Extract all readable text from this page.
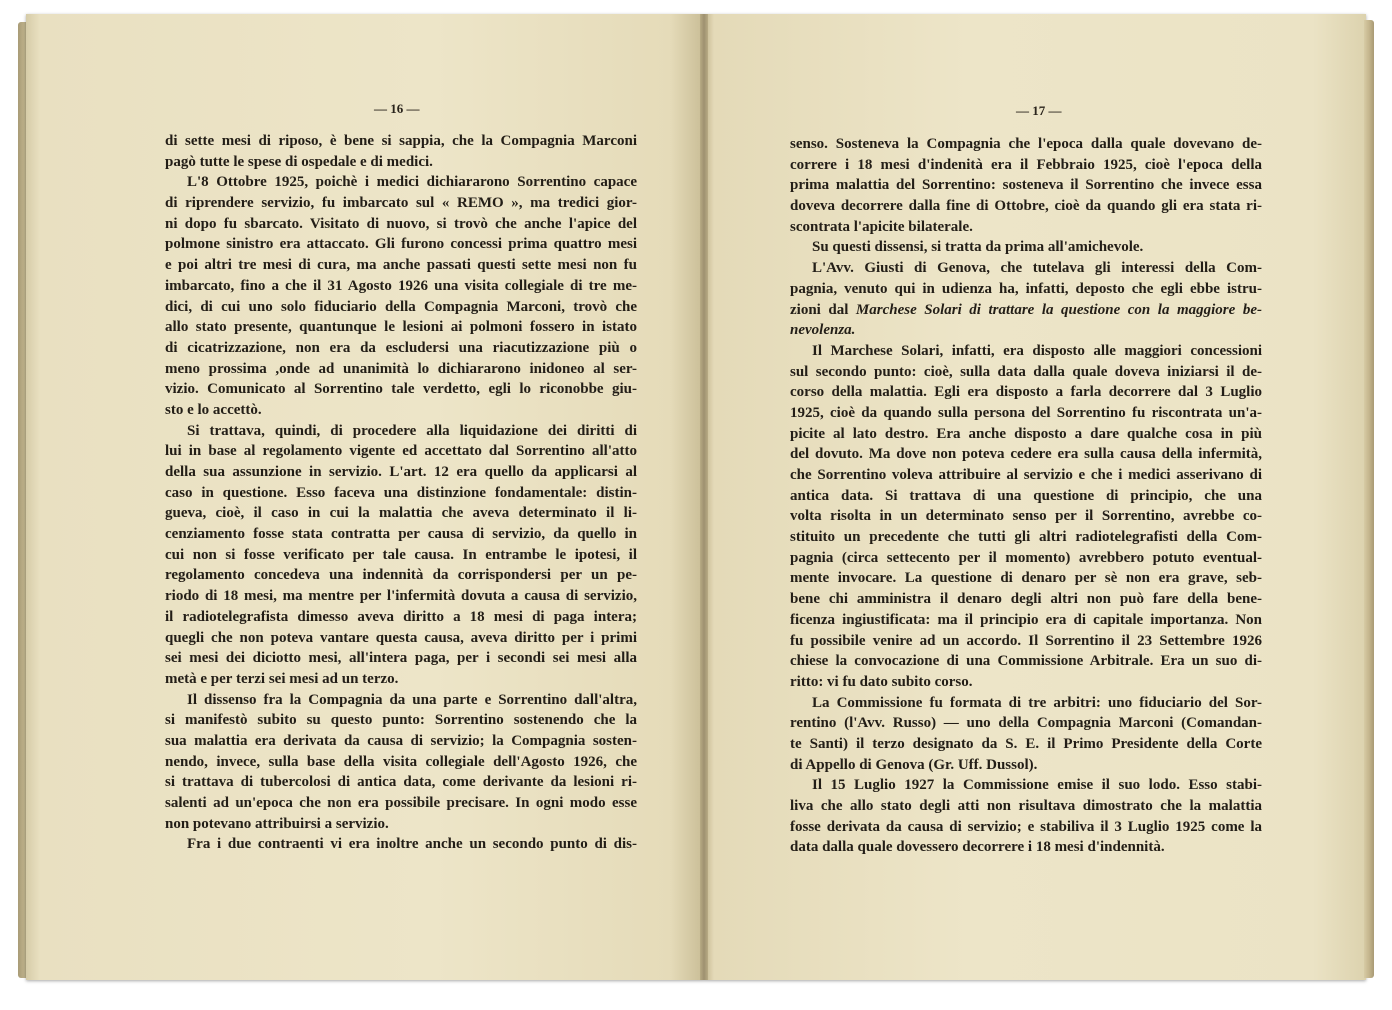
— 16 —	— 17 —
di sette mesi di riposo, è bene si sappia, che la Compagnia Marconi
pagò tutte le spese di ospedale e di medici.
L'8 Ottobre 1925, poichè i medici dichiararono Sorrentino capace
di riprendere servizio, fu imbarcato sul « REMO », ma tredici gior-
ni dopo fu sbarcato. Visitato di nuovo, si trovò che anche l'apice del
polmone sinistro era attaccato. Gli furono concessi prima quattro mesi
e poi altri tre mesi di cura, ma anche passati questi sette mesi non fu
imbarcato, fino a che il 31 Agosto 1926 una visita collegiale di tre me-
dici, di cui uno solo fiduciario della Compagnia Marconi, trovò che
allo stato presente, quantunque le lesioni ai polmoni fossero in istato
di cicatrizzazione, non era da escludersi una riacutizzazione più o
meno prossima ,onde ad unanimità lo dichiararono inidoneo al ser-
vizio. Comunicato al Sorrentino tale verdetto, egli lo riconobbe giu-
sto e lo accettò.
Si trattava, quindi, di procedere alla liquidazione dei diritti di
lui in base al regolamento vigente ed accettato dal Sorrentino all'atto
della sua assunzione in servizio. L'art. 12 era quello da applicarsi al
caso in questione. Esso faceva una distinzione fondamentale: distin-
gueva, cioè, il caso in cui la malattia che aveva determinato il li-
cenziamento fosse stata contratta per causa di servizio, da quello in
cui non si fosse verificato per tale causa. In entrambe le ipotesi, il
regolamento concedeva una indennità da corrispondersi per un pe-
riodo di 18 mesi, ma mentre per l'infermità dovuta a causa di servizio,
il radiotelegrafista dimesso aveva diritto a 18 mesi di paga intera;
quegli che non poteva vantare questa causa, aveva diritto per i primi
sei mesi dei diciotto mesi, all'intera paga, per i secondi sei mesi alla
metà e per terzi sei mesi ad un terzo.
Il dissenso fra la Compagnia da una parte e Sorrentino dall'altra,
si manifestò subito su questo punto: Sorrentino sostenendo che la
sua malattia era derivata da causa di servizio; la Compagnia sosten-
nendo, invece, sulla base della visita collegiale dell'Agosto 1926, che
si trattava di tubercolosi di antica data, come derivante da lesioni ri-
salenti ad un'epoca che non era possibile precisare. In ogni modo esse
non potevano attribuirsi a servizio.
Fra i due contraenti vi era inoltre anche un secondo punto di dis-
senso. Sosteneva la Compagnia che l'epoca dalla quale dovevano de-
correre i 18 mesi d'indenità era il Febbraio 1925, cioè l'epoca della
prima malattia del Sorrentino: sosteneva il Sorrentino che invece essa
doveva decorrere dalla fine di Ottobre, cioè da quando gli era stata ri-
scontrata l'apicite bilaterale.
Su questi dissensi, si tratta da prima all'amichevole.
L'Avv. Giusti di Genova, che tutelava gli interessi della Com-
pagnia, venuto qui in udienza ha, infatti, deposto che egli ebbe istru-
zioni dal Marchese Solari di trattare la questione con la maggiore be-
nevolenza.
Il Marchese Solari, infatti, era disposto alle maggiori concessioni
sul secondo punto: cioè, sulla data dalla quale doveva iniziarsi il de-
corso della malattia. Egli era disposto a farla decorrere dal 3 Luglio
1925, cioè da quando sulla persona del Sorrentino fu riscontrata un'a-
picite al lato destro. Era anche disposto a dare qualche cosa in più
del dovuto. Ma dove non poteva cedere era sulla causa della infermità,
che Sorrentino voleva attribuire al servizio e che i medici asserivano di
antica data. Si trattava di una questione di principio, che una
volta risolta in un determinato senso per il Sorrentino, avrebbe co-
stituito un precedente che tutti gli altri radiotelegrafisti della Com-
pagnia (circa settecento per il momento) avrebbero potuto eventual-
mente invocare. La questione di denaro per sè non era grave, seb-
bene chi amministra il denaro degli altri non può fare della bene-
ficenza ingiustificata: ma il principio era di capitale importanza. Non
fu possibile venire ad un accordo. Il Sorrentino il 23 Settembre 1926
chiese la convocazione di una Commissione Arbitrale. Era un suo di-
ritto: vi fu dato subito corso.
La Commissione fu formata di tre arbitri: uno fiduciario del Sor-
rentino (l'Avv. Russo) — uno della Compagnia Marconi (Comandan-
te Santi) il terzo designato da S. E. il Primo Presidente della Corte
di Appello di Genova (Gr. Uff. Dussol).
Il 15 Luglio 1927 la Commissione emise il suo lodo. Esso stabi-
liva che allo stato degli atti non risultava dimostrato che la malattia
fosse derivata da causa di servizio; e stabiliva il 3 Luglio 1925 come la
data dalla quale dovessero decorrere i 18 mesi d'indennità.
